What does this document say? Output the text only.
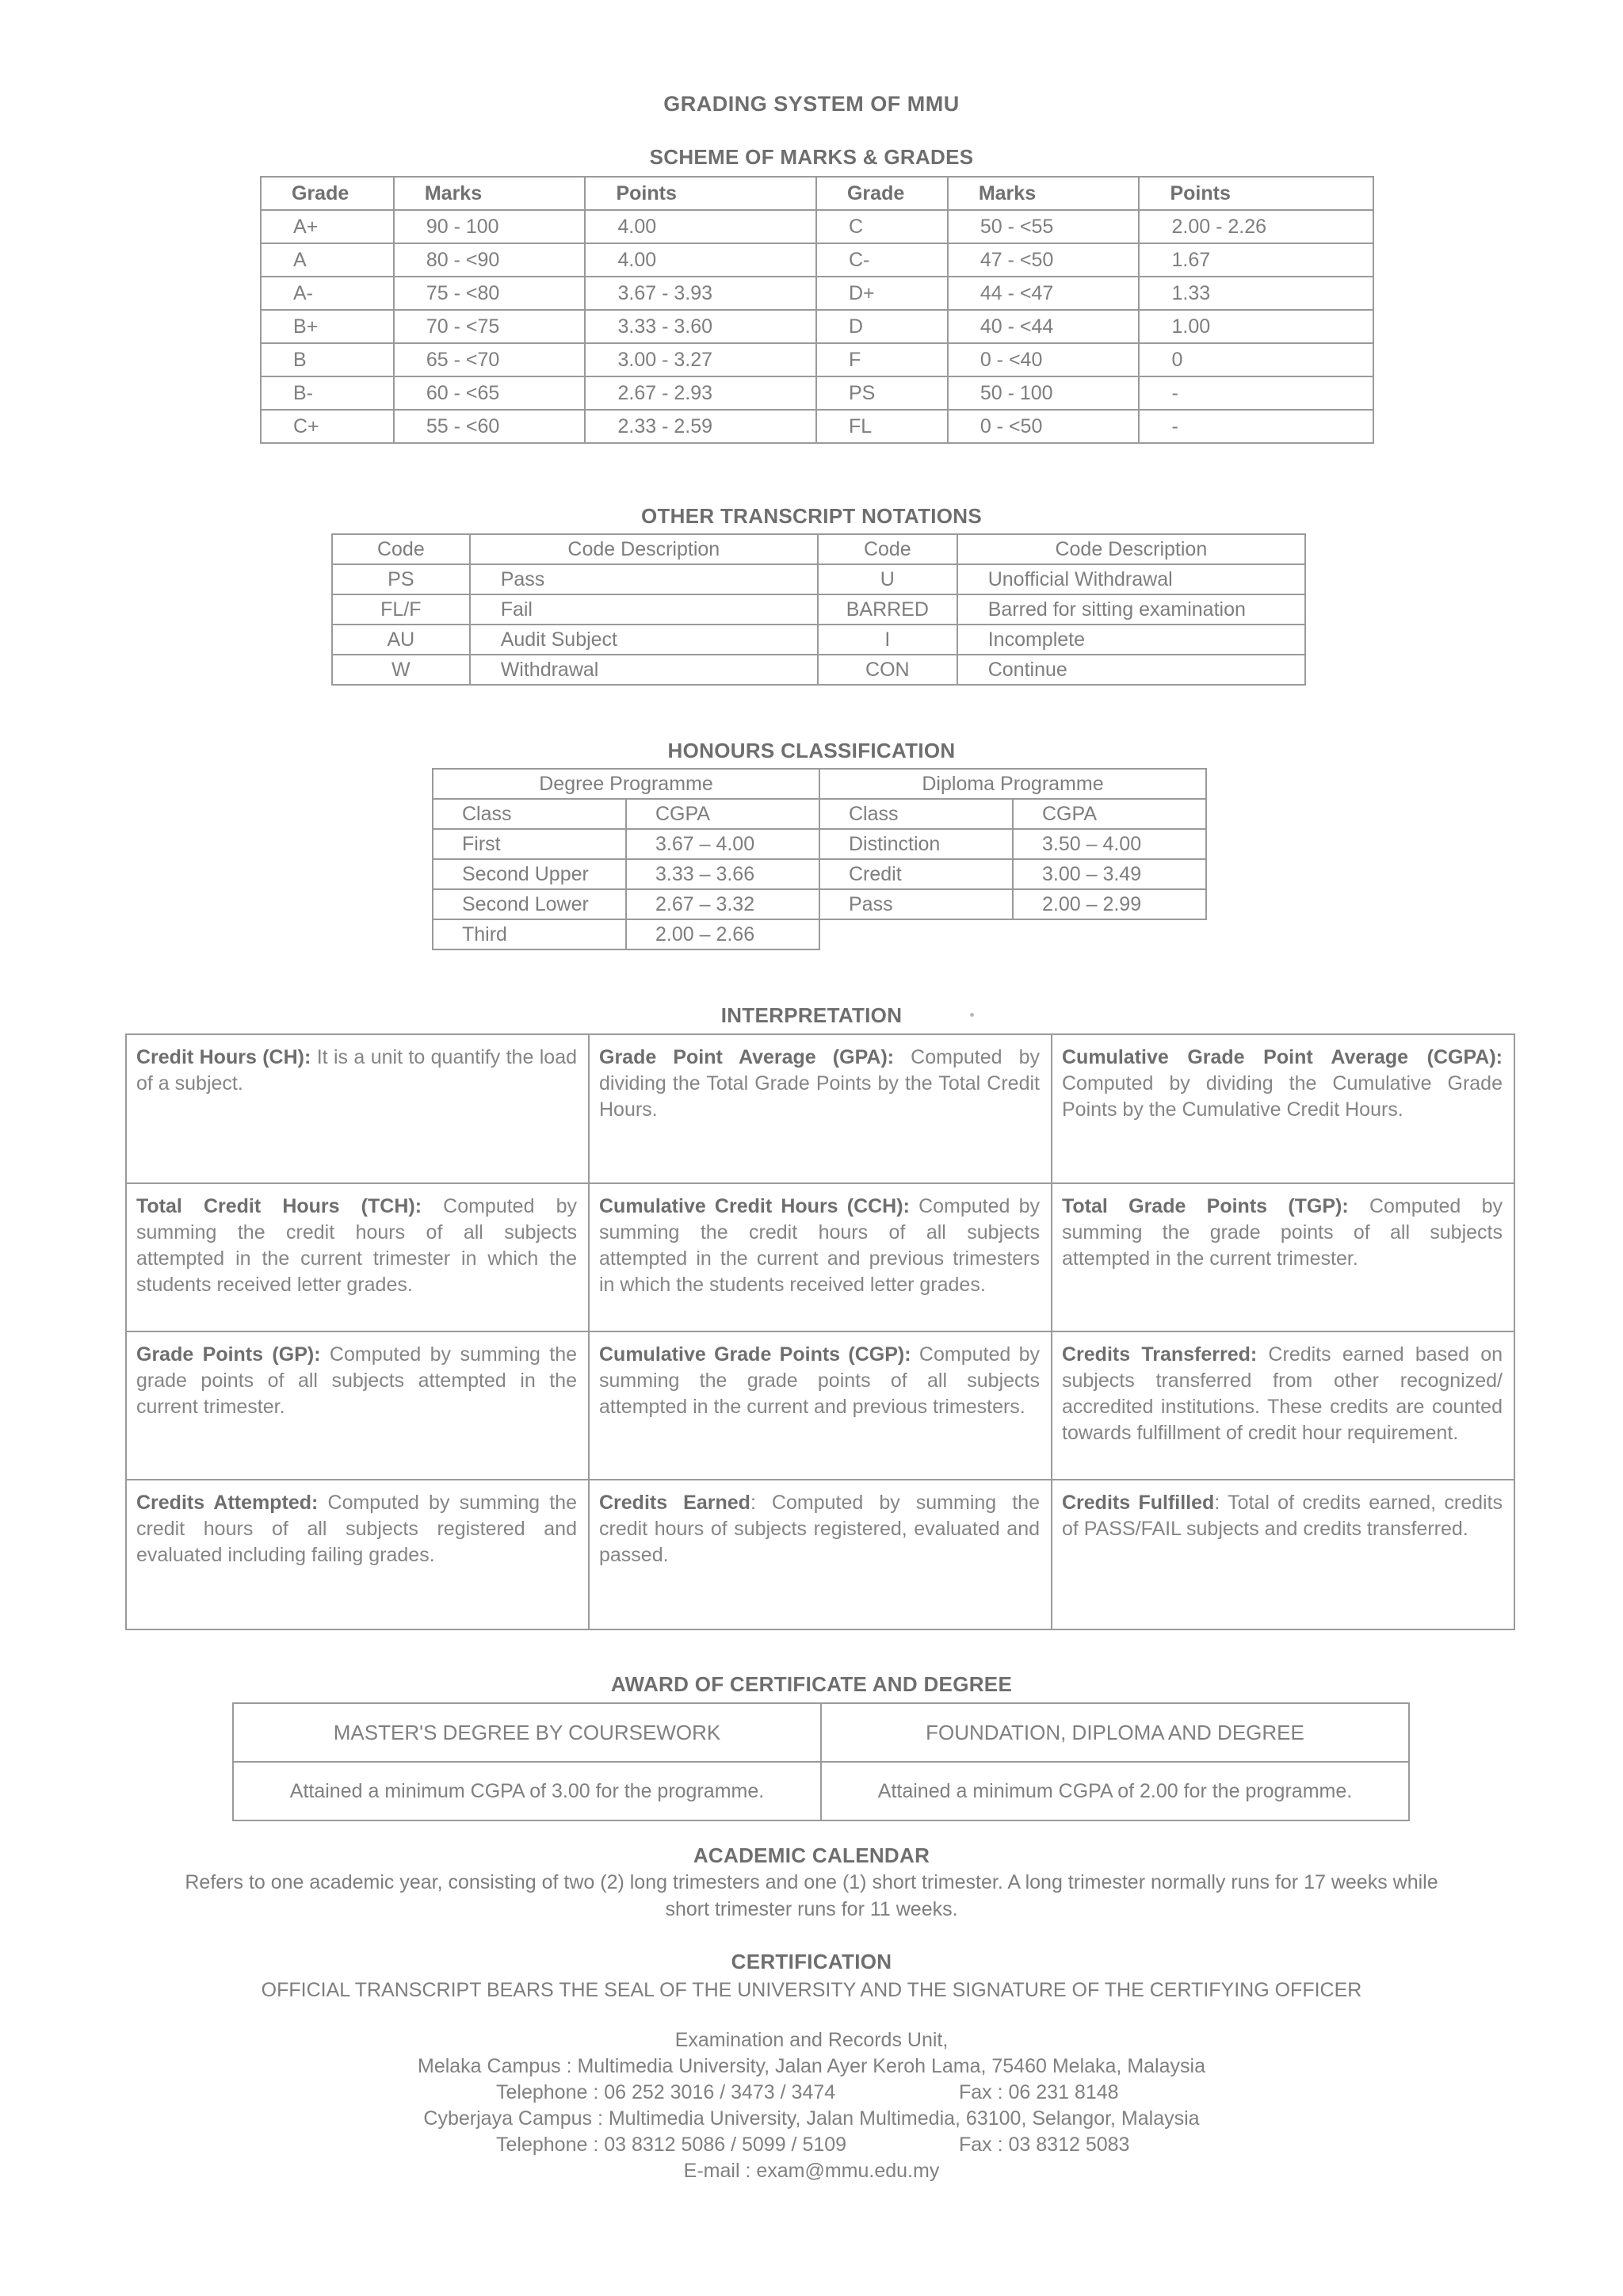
GRADING SYSTEM OF MMU
SCHEME OF MARKS & GRADES
Grade	Marks	Points	Grade	Marks	Points
A+	90 - 100	4.00	C	50 - <55	2.00 - 2.26
A	80 - <90	4.00	C-	47 - <50	1.67
A-	75 - <80	3.67 - 3.93	D+	44 - <47	1.33
B+	70 - <75	3.33 - 3.60	D	40 - <44	1.00
B	65 - <70	3.00 - 3.27	F	0 - <40	0
B-	60 - <65	2.67 - 2.93	PS	50 - 100	-
C+	55 - <60	2.33 - 2.59	FL	0 - <50	-
OTHER TRANSCRIPT NOTATIONS
Code	Code Description	Code	Code Description
PS	Pass	U	Unofficial Withdrawal
FL/F	Fail	BARRED	Barred for sitting examination
AU	Audit Subject	I	Incomplete
W	Withdrawal	CON	Continue
HONOURS CLASSIFICATION
Degree Programme		Diploma Programme	
Class	CGPA	Class	CGPA
First	3.67 – 4.00	Distinction	3.50 – 4.00
Second Upper	3.33 – 3.66	Credit	3.00 – 3.49
Second Lower	2.67 – 3.32	Pass	2.00 – 2.99
Third	2.00 – 2.66		
INTERPRETATION
Credit Hours (CH): It is a unit to quantify the load of a subject.	Grade Point Average (GPA): Computed by dividing the Total Grade Points by the Total Credit Hours.	Cumulative Grade Point Average (CGPA): Computed by dividing the Cumulative Grade Points by the Cumulative Credit Hours.
Total Credit Hours (TCH): Computed by summing the credit hours of all subjects attempted in the current trimester in which the students received letter grades.	Cumulative Credit Hours (CCH): Computed by summing the credit hours of all subjects attempted in the current and previous trimesters in which the students received letter grades.	Total Grade Points (TGP): Computed by summing the grade points of all subjects attempted in the current trimester.
Grade Points (GP): Computed by summing the grade points of all subjects attempted in the current trimester.	Cumulative Grade Points (CGP): Computed by summing the grade points of all subjects attempted in the current and previous trimesters.	Credits Transferred: Credits earned based on subjects transferred from other recognized/ accredited institutions. These credits are counted towards fulfillment of credit hour requirement.
Credits Attempted: Computed by summing the credit hours of all subjects registered and evaluated including failing grades.	Credits Earned: Computed by summing the credit hours of subjects registered, evaluated and passed.	Credits Fulfilled: Total of credits earned, credits of PASS/FAIL subjects and credits transferred.
AWARD OF CERTIFICATE AND DEGREE
MASTER'S DEGREE BY COURSEWORK	FOUNDATION, DIPLOMA AND DEGREE
Attained a minimum CGPA of 3.00 for the programme.	Attained a minimum CGPA of 2.00 for the programme.
ACADEMIC CALENDAR
Refers to one academic year, consisting of two (2) long trimesters and one (1) short trimester. A long trimester normally runs for 17 weeks while
short trimester runs for 11 weeks.
CERTIFICATION
OFFICIAL TRANSCRIPT BEARS THE SEAL OF THE UNIVERSITY AND THE SIGNATURE OF THE CERTIFYING OFFICER
Examination and Records Unit,
Melaka Campus : Multimedia University, Jalan Ayer Keroh Lama, 75460 Melaka, Malaysia
Telephone : 06 252 3016 / 3473 / 3474	Fax : 06 231 8148
Cyberjaya Campus : Multimedia University, Jalan Multimedia, 63100, Selangor, Malaysia
Telephone : 03 8312 5086 / 5099 / 5109	Fax : 03 8312 5083
E-mail : exam@mmu.edu.my
